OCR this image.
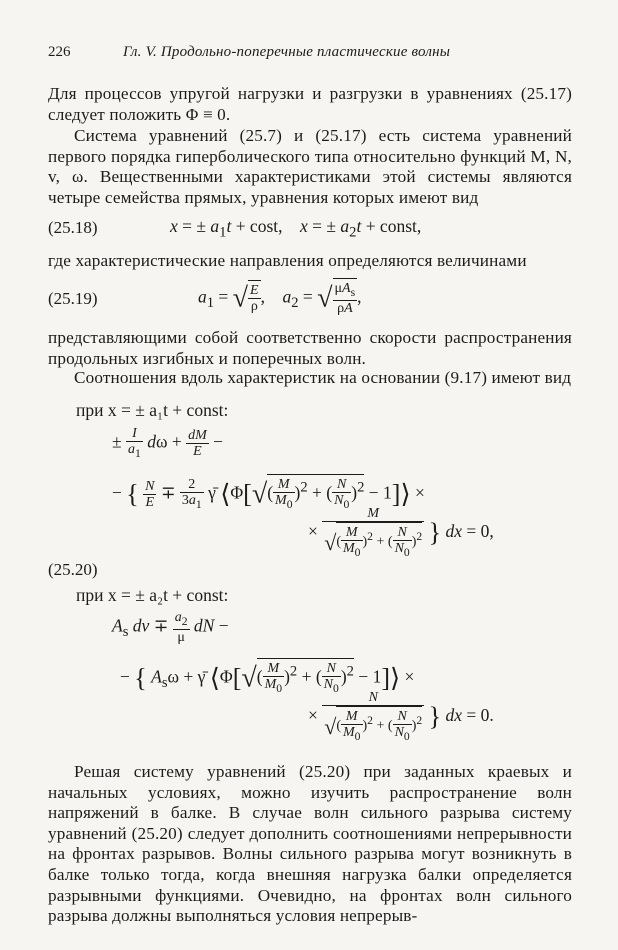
226	Гл. V. Продольно-поперечные пластические волны
Для процессов упругой нагрузки и разгрузки в уравнениях (25.17) следует положить Φ ≡ 0.
Система уравнений (25.7) и (25.17) есть система уравнений первого порядка гиперболического типа относительно функций M, N, v, ω. Вещественными характеристиками этой системы являются четыре семейства прямых, уравнения которых имеют вид
(25.18)	x = ± $a_1t + \cos t$,    x = ± $a_2t$ + const,
где характеристические направления определяются величинами
(25.19)	$a_1$ = √ $\frac{E}{\rho}$ ,    $a_2$ = √ $\frac{\mu A_s}{\rho A}$ ,
представляющими собой соответственно скорости распространения продольных изгибных и поперечных волн.
Соотношения вдоль характеристик на основании (9.17) имеют вид
при x = ± a₁t + const:
± $\frac{I}{a_1}$ $d\omega + \frac{dM}{E}$ −
− { $\frac{N}{E} \mp \frac{2}{3a_1}$ γ̄ ⟨Φ[√( $\frac{M}{M_0} )^2$ + ( $\frac{N}{N_0} )^2$ − 1]⟩ ×
× $\frac{M}{√( \frac{M}{M_0} )^2 + ( \frac{N}{N_0} )^2}$ } dx = 0,
(25.20)
при x = ± a₂t + const:
$A_s$ dv ∓ $\frac{a_2}{\mu}$ dN −
− { $A_s\omega$ + γ̄ ⟨Φ[√( $\frac{M}{M_0} )^2$ + ( $\frac{N}{N_0} )^2$ − 1]⟩ ×
× $\frac{N}{√( \frac{M}{M_0} )^2 + ( \frac{N}{N_0} )^2}$ } dx = 0.
Решая систему уравнений (25.20) при заданных краевых и начальных условиях, можно изучить распространение волн напряжений в балке. В случае волн сильного разрыва систему уравнений (25.20) следует дополнить соотношениями непрерывности на фронтах разрывов. Волны сильного разрыва могут возникнуть в балке только тогда, когда внешняя нагрузка балки определяется разрывными функциями. Очевидно, на фронтах волн сильного разрыва должны выполняться условия непрерыв-
